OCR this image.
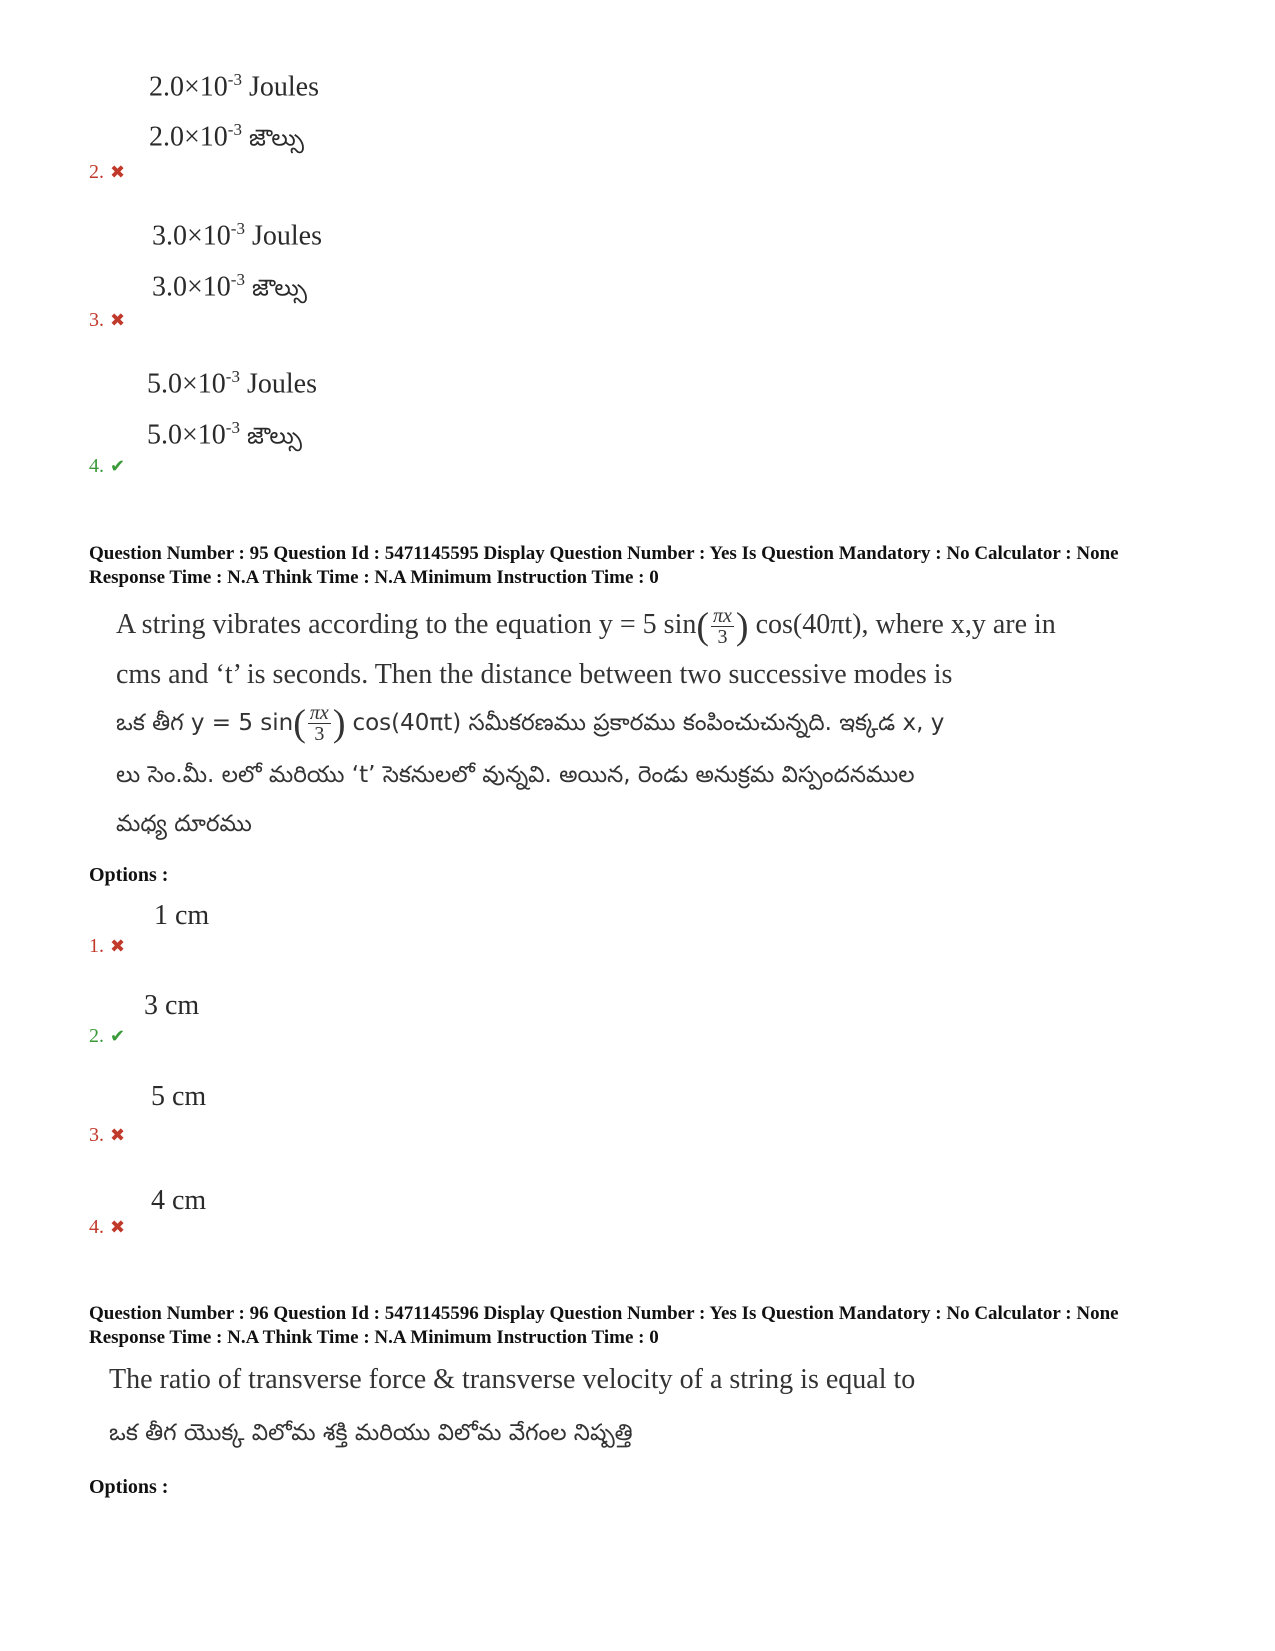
$2.0\times 10^{-3}$ Joules
$2.0\times 10^{-3}$ జౌల్సు
2. ✖
$3.0\times 10^{-3}$ Joules
$3.0\times 10^{-3}$ జౌల్సు
3. ✖
$5.0\times 10^{-3}$ Joules
$5.0\times 10^{-3}$ జౌల్సు
4. ✔
Question Number : 95 Question Id : 5471145595 Display Question Number : Yes Is Question Mandatory : No Calculator : None Response Time : N.A Think Time : N.A Minimum Instruction Time : 0
A string vibrates according to the equation y = 5 $\sin( \frac{\pi x}{3}$ ) cos(40πt), where x,y are in
cms and ‘t’ is seconds. Then the distance between two successive modes is
ఒక తీగ y = 5 $\sin( \frac{\pi x}{3}$ ) cos(40πt) సమీకరణము ప్రకారము కంపించుచున్నది. ఇక్కడ x, y
లు సెం.మీ. లలో మరియు ‘t’ సెకనులలో వున్నవి. అయిన, రెండు అనుక్రమ విస్పందనముల
మధ్య దూరము
Options :
1 cm
1. ✖
3 cm
2. ✔
5 cm
3. ✖
4 cm
4. ✖
Question Number : 96 Question Id : 5471145596 Display Question Number : Yes Is Question Mandatory : No Calculator : None Response Time : N.A Think Time : N.A Minimum Instruction Time : 0
The ratio of transverse force & transverse velocity of a string is equal to
ఒక తీగ యొక్క విలోమ శక్తి మరియు విలోమ వేగంల నిష్పత్తి
Options :
